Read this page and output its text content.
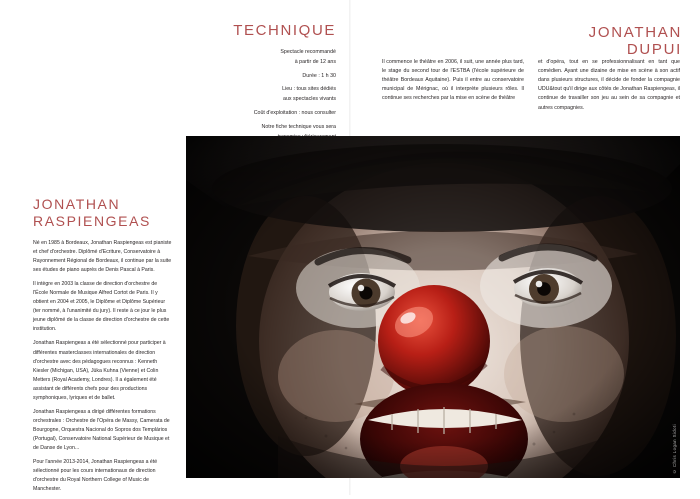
TECHNIQUE
Spectacle recommandé
à partir de 12 ans
Durée : 1 h 30
Lieu : tous sites dédiés
aux spectacles vivants
Coût d'exploitation : nous consulter
Notre fiche technique vous sera
JONATHAN
DUPUI
Il commence le théâtre en 2006, il suit, une année plus tard, le stage du second tour de l'ESTBA (l'école supérieure de théâtre Bordeaux Aquitaine). Puis il entre au conservatoire municipal de Mérignac, où il interprète plusieurs rôles. Il continue ses recherches par la mise en scène de théâtre
et d'opéra, tout en se professionnalisant en tant que comédien. Ayant une dizaine de mise en scène à son actif dans plusieurs structures, il décide de fonder la compagnie UDU&tout qu'il dirige aux côtés de Jonathan Raspiengeas, il continue de travailler son jeu au sein de sa compagnie et autres compagnies.
JONATHAN
RASPIENGEAS

Né en 1985 à Bordeaux, Jonathan Raspiengeas est pianiste et chef d'orchestre. Diplômé d'Ecriture, Conservatoire à Rayonnement Régional de Bordeaux, il continue par la suite ses études de piano auprès de Denis Pascal à Paris.

Il intègre en 2003 la classe de direction d'orchestre de l'École Normale de Musique Alfred Cortot de Paris. Il y obtient en 2004 et 2005, le Diplôme et Diplôme Supérieur (ter nommé, à l'unanimité du jury). Il reste à ce jour le plus jeune diplômé de la classe de direction d'orchestre de cette institution.

Jonathan Raspiengeas a été sélectionné pour participer à différentes masterclasses internationales de direction d'orchestre avec des pédagogues reconnus : Kenneth Kiesler (Michigan, USA), Jüka Kuhna (Vienne) et Colin Metters (Royal Academy, Londres). Il a également été assistant de différents chefs pour des productions symphoniques, lyriques et de ballet.

Jonathan Raspiengeas a dirigé différentes formations orchestrales : Orchestre de l'Opéra de Massy, Camerata de Bourgogne, Orquestra Nacional do Sopros dos Templários (Portugal), Conservatoire National Supérieur de Musique et de Danse de Lyon...

Pour l'année 2013-2014, Jonathan Raspiengeas a été sélectionné pour les cours internationaux de direction d'orchestre du Royal Northern College of Music de Manchester.

© Chris Logan Sidoti
